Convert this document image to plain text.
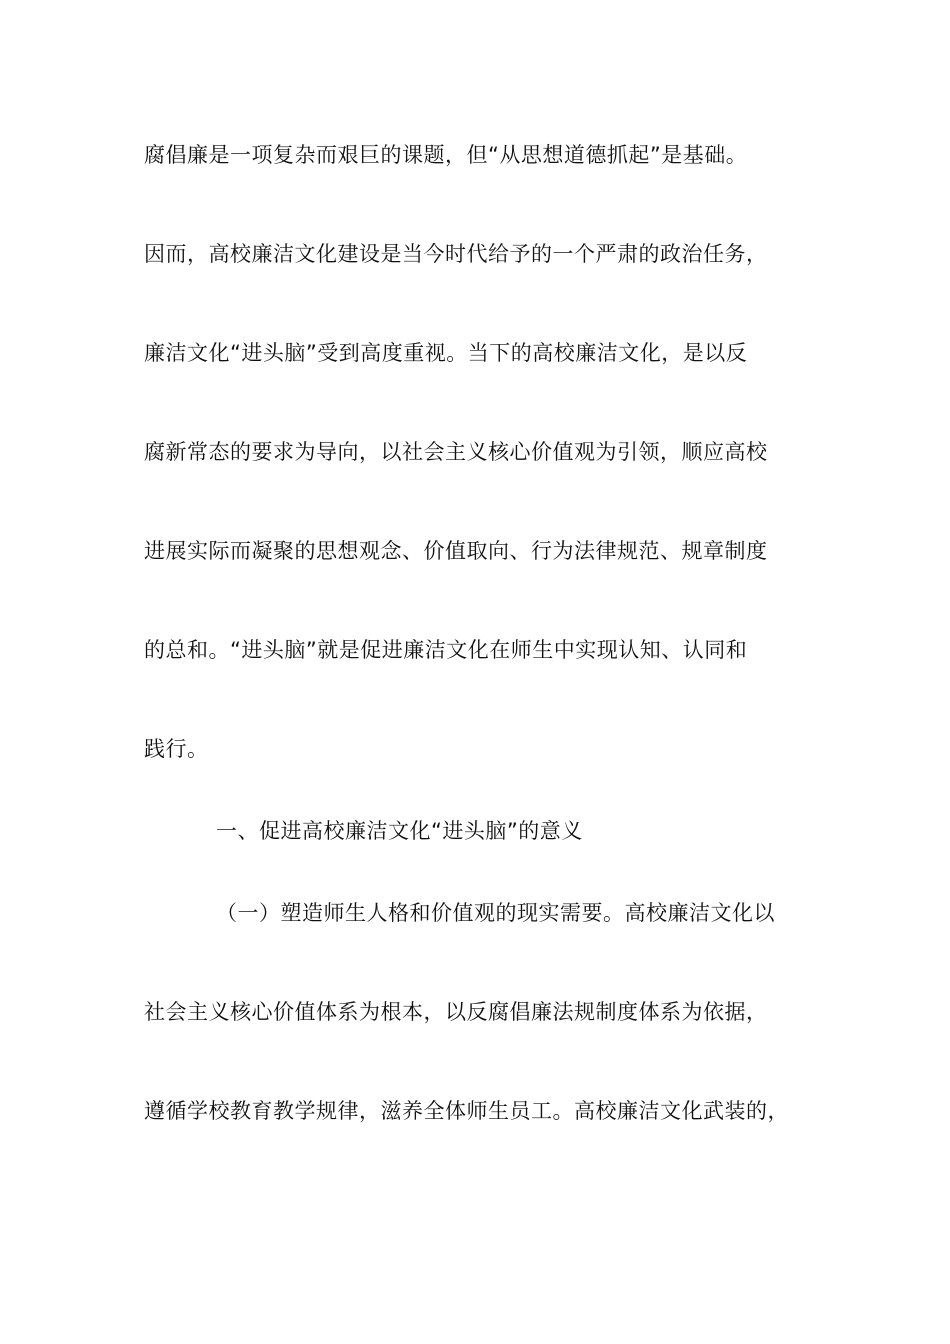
腐倡廉是一项复杂而艰巨的课题，但“从思想道德抓起”是基础。
因而，高校廉洁文化建设是当今时代给予的一个严肃的政治任务，
廉洁文化“进头脑”受到高度重视。当下的高校廉洁文化，是以反
腐新常态的要求为导向，以社会主义核心价值观为引领，顺应高校
进展实际而凝聚的思想观念、价值取向、行为法律规范、规章制度
的总和。“进头脑”就是促进廉洁文化在师生中实现认知、认同和
践行。
一、促进高校廉洁文化“进头脑”的意义
（一）塑造师生人格和价值观的现实需要。高校廉洁文化以
社会主义核心价值体系为根本，以反腐倡廉法规制度体系为依据，
遵循学校教育教学规律，滋养全体师生员工。高校廉洁文化武装的，
